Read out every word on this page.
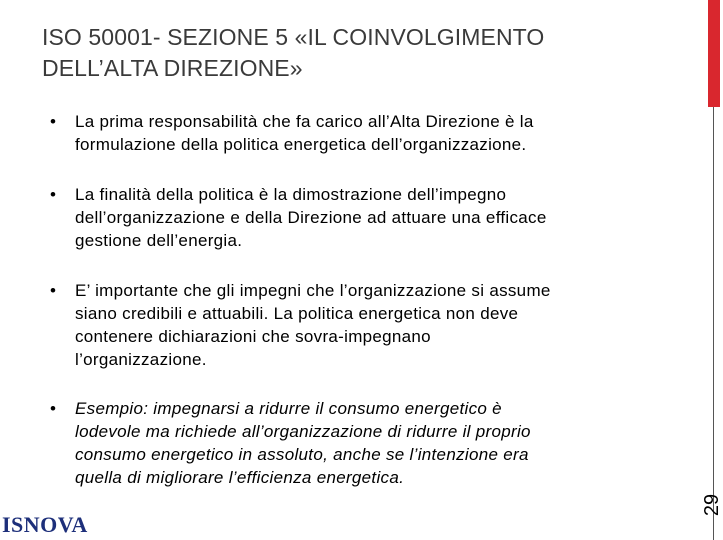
ISO 50001- SEZIONE 5 «IL COINVOLGIMENTO
DELL’ALTA DIREZIONE»
• La prima responsabilità che fa carico all’Alta Direzione è la
formulazione della politica energetica dell’organizzazione.
• La finalità della politica è la dimostrazione dell’impegno
dell’organizzazione e della Direzione ad attuare una efficace
gestione dell’energia.
• E’ importante che gli impegni che l’organizzazione si assume
siano credibili e attuabili. La politica energetica non deve
contenere dichiarazioni che sovra-impegnano
l’organizzazione.
• Esempio: impegnarsi a ridurre il consumo energetico è
lodevole ma richiede all’organizzazione di ridurre il proprio
consumo energetico in assoluto, anche se l’intenzione era
quella di migliorare l’efficienza energetica.
29
ISNOVA
